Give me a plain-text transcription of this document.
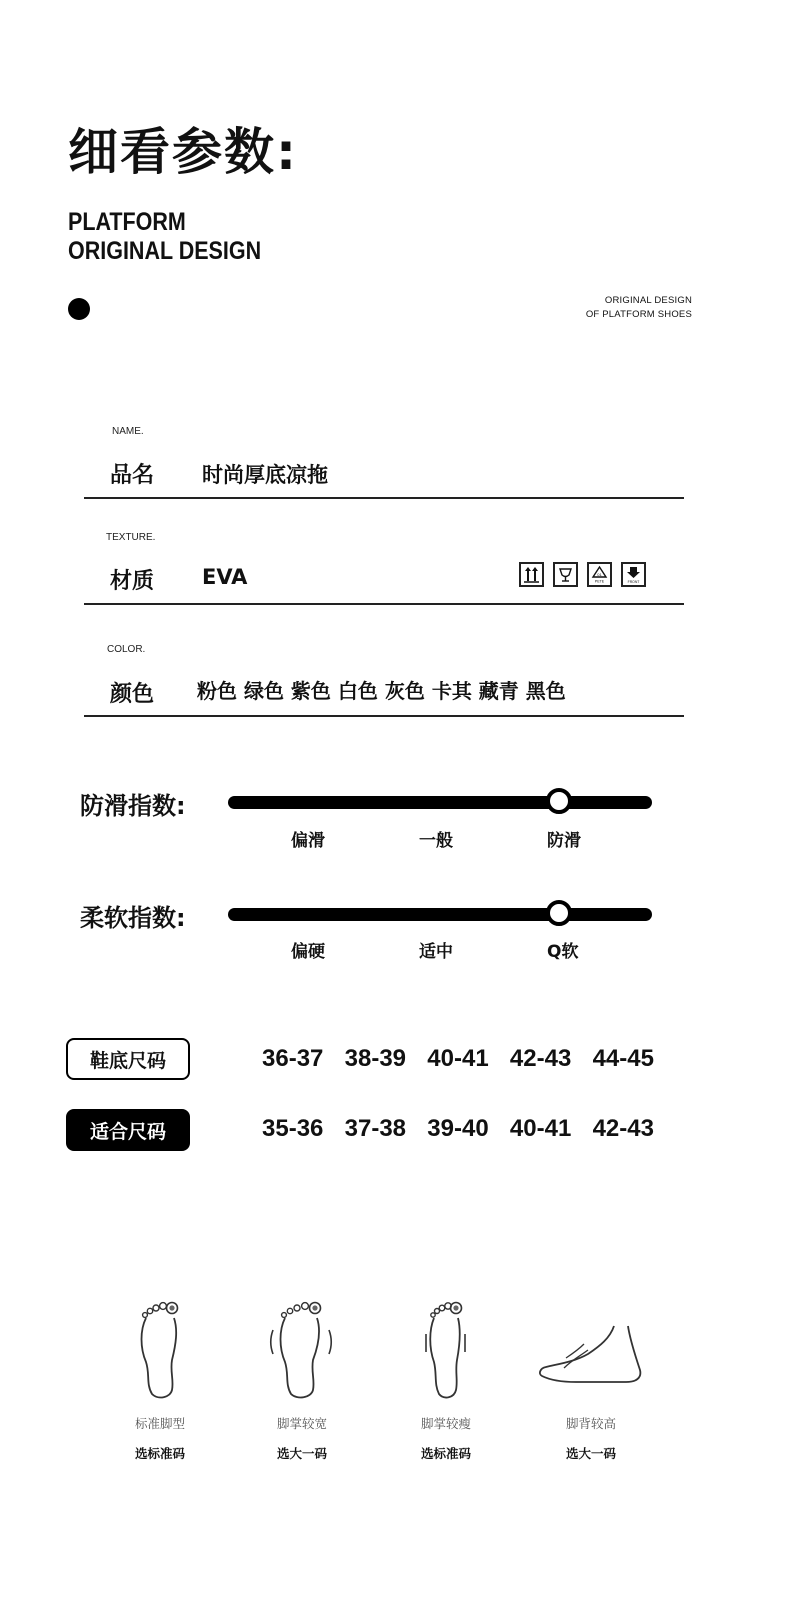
细看参数:
PLATFORM
ORIGINAL DESIGN
ORIGINAL DESIGN
OF PLATFORM SHOES
NAME.
品名 时尚厚底凉拖
TEXTURE.
材质 EVA	01
PETE	FRONT
COLOR.
颜色 粉色 绿色 紫色 白色 灰色 卡其 藏青 黑色
防滑指数:
偏滑	一般	防滑
柔软指数:
偏硬	适中	Q软
鞋底尺码	36-37 38-39 40-41 42-43 44-45
适合尺码	35-36 37-38 39-40 40-41 42-43
标准脚型
选标准码
脚掌较宽
选大一码
脚掌较瘦
选标准码
脚背较高
选大一码
